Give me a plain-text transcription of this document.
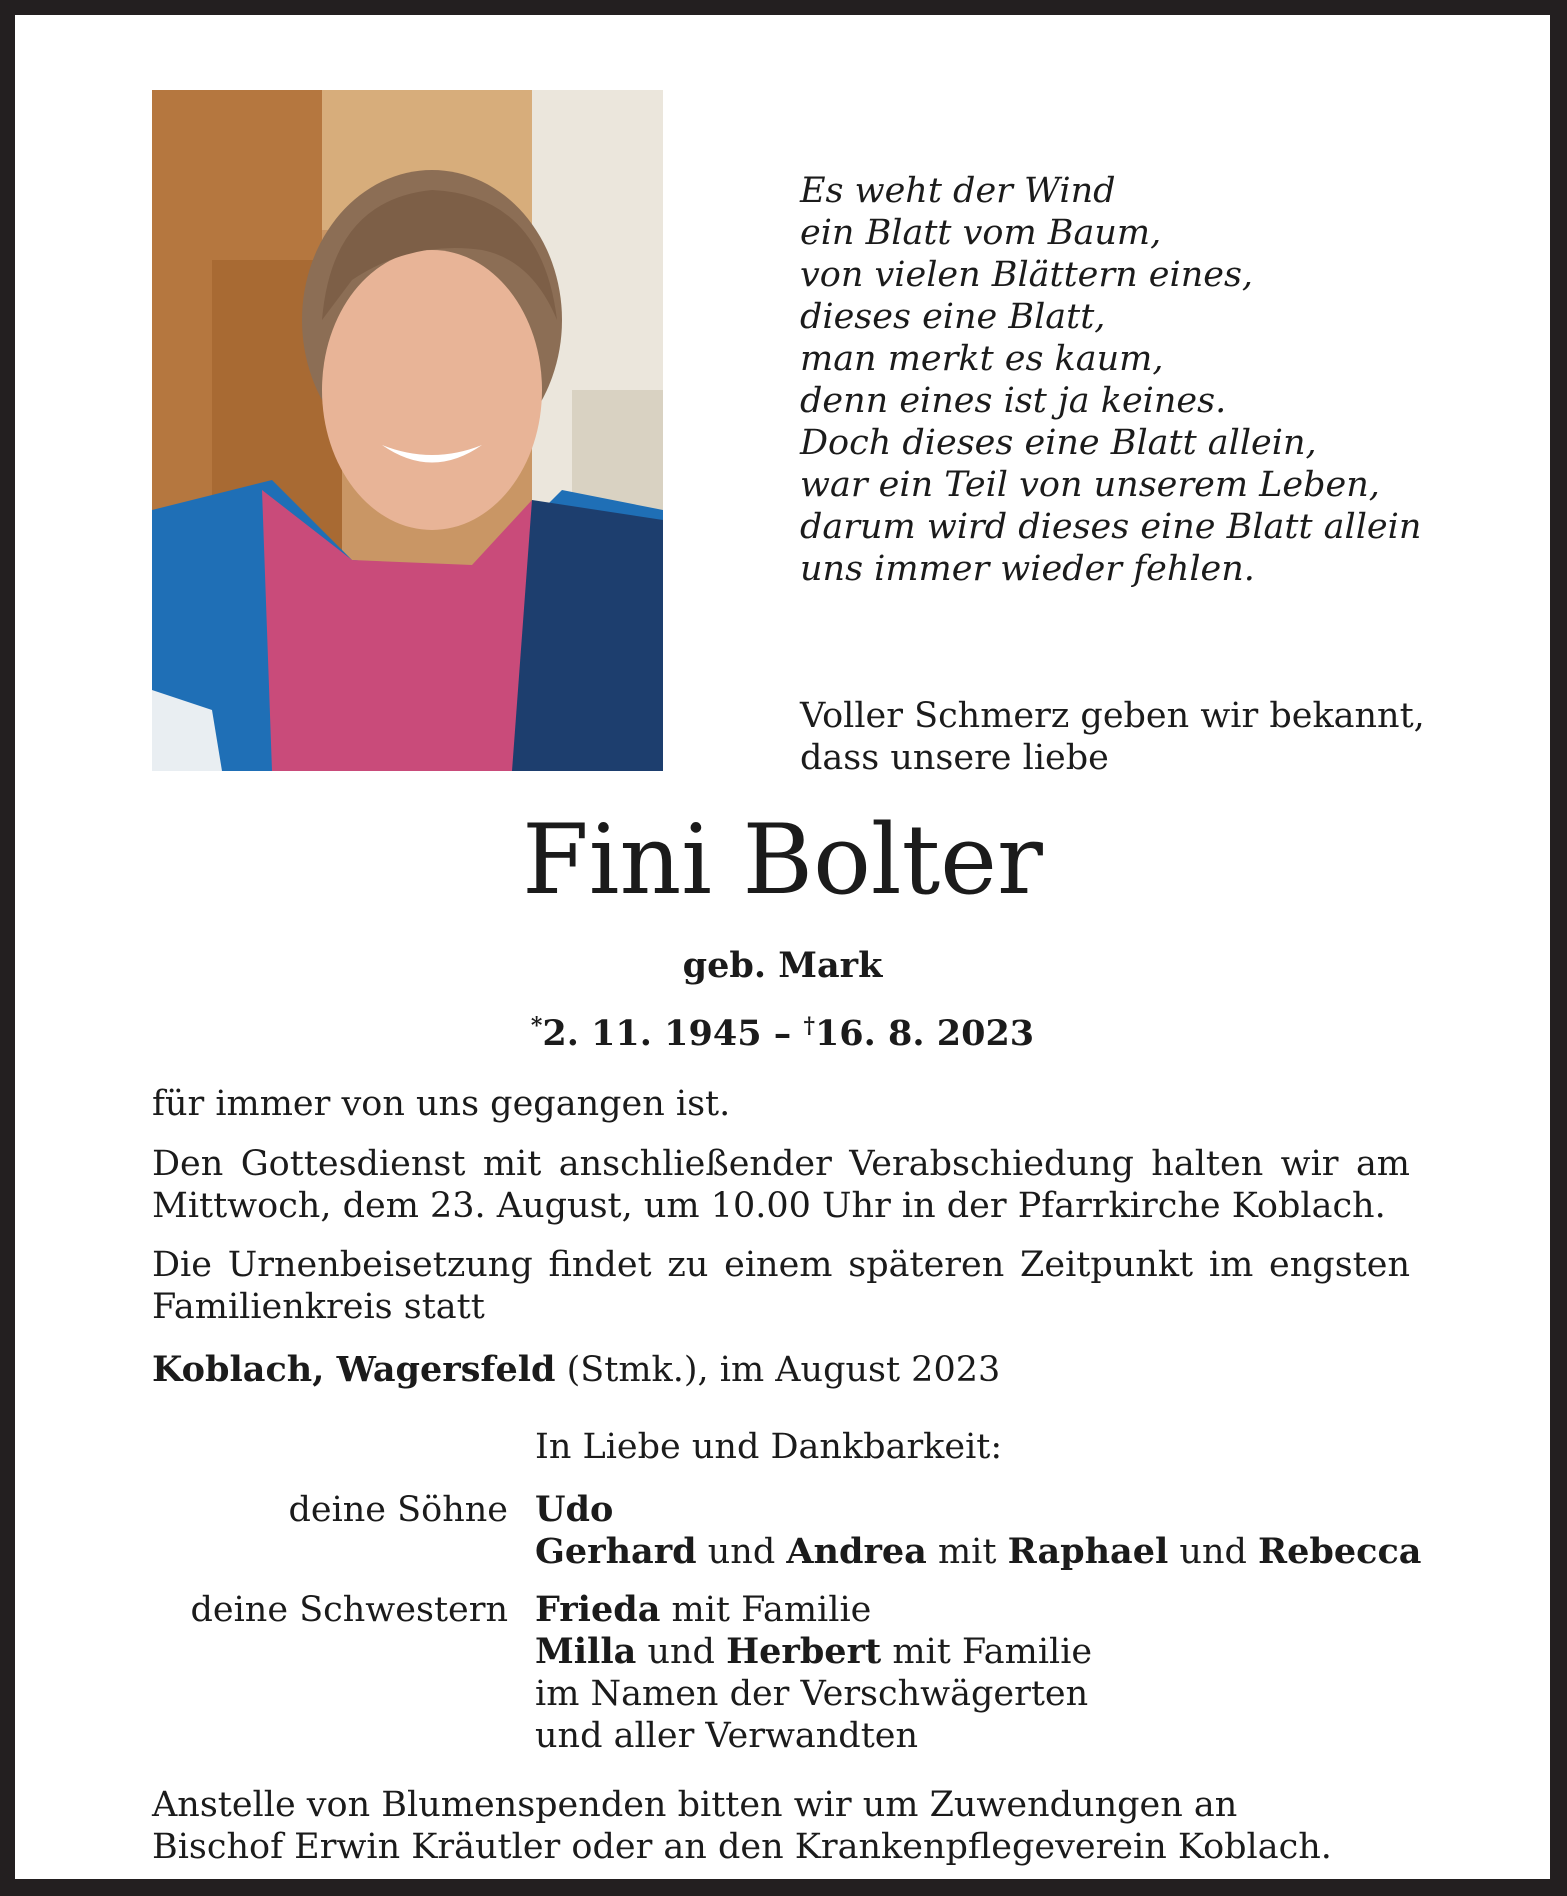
Es weht der Wind
ein Blatt vom Baum,
von vielen Blättern eines,
dieses eine Blatt,
man merkt es kaum,
denn eines ist ja keines.
Doch dieses eine Blatt allein,
war ein Teil von unserem Leben,
darum wird dieses eine Blatt allein
uns immer wieder fehlen.
Voller Schmerz geben wir bekannt,
dass unsere liebe
Fini Bolter
geb. Mark
*2. 11. 1945 – †16. 8. 2023
für immer von uns gegangen ist.
Den Gottesdienst mit anschließender Verabschiedung halten wir am Mittwoch, dem 23. August, um 10.00 Uhr in der Pfarrkirche Koblach.
Die Urnenbeisetzung findet zu einem späteren Zeitpunkt im engsten Familienkreis statt
Koblach, Wagersfeld (Stmk.), im August 2023
In Liebe und Dankbarkeit:
deine Söhne Udo
Gerhard und Andrea mit Raphael und Rebecca
deine Schwestern Frieda mit Familie
Milla und Herbert mit Familie
im Namen der Verschwägerten
und aller Verwandten
Anstelle von Blumenspenden bitten wir um Zuwendungen an
Bischof Erwin Kräutler oder an den Krankenpflegeverein Koblach.
